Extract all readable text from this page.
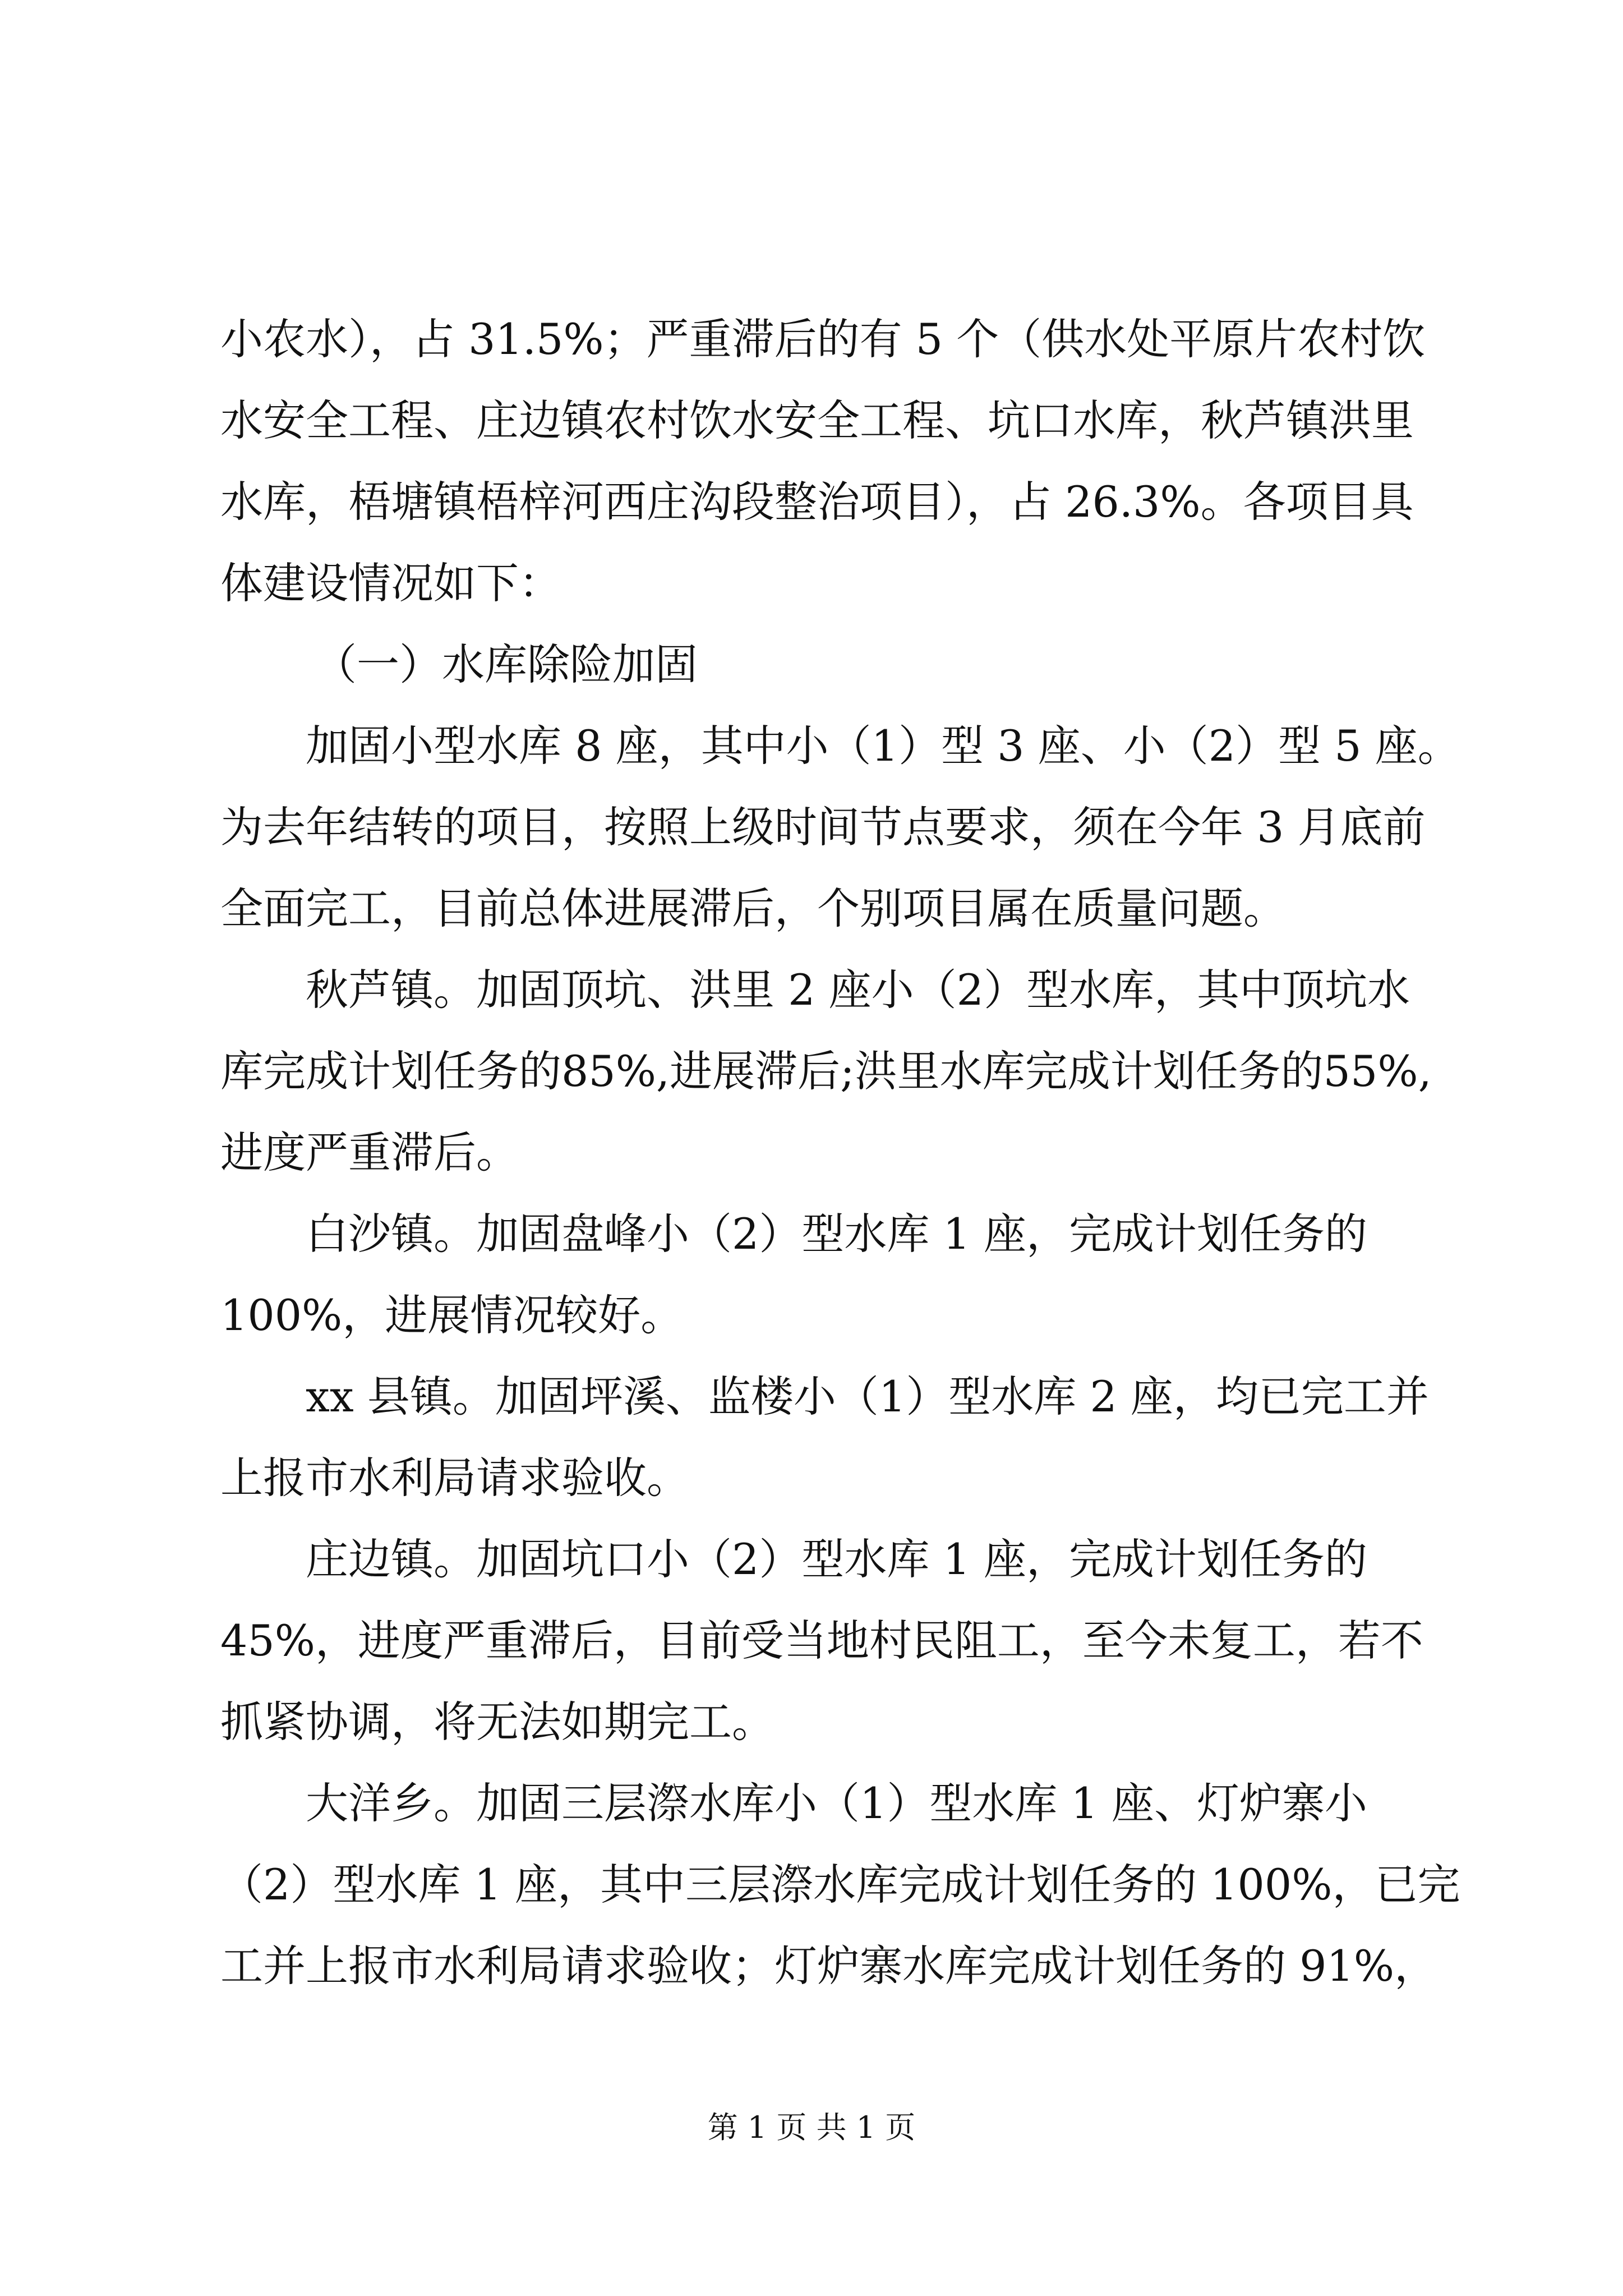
小农水），占 31.5%；严重滞后的有 5 个（供水处平原片农村饮
水安全工程、庄边镇农村饮水安全工程、坑口水库，秋芦镇洪里
水库，梧塘镇梧梓河西庄沟段整治项目），占 26.3%。各项目具
体建设情况如下：
（一）水库除险加固
加固小型水库 8 座，其中小（1）型 3 座、小（2）型 5 座。
为去年结转的项目，按照上级时间节点要求，须在今年 3 月底前
全面完工，目前总体进展滞后，个别项目属在质量问题。
秋芦镇。加固顶坑、洪里 2 座小（2）型水库，其中顶坑水
库完成计划任务的85%,进展滞后;洪里水库完成计划任务的55%,
进度严重滞后。
白沙镇。加固盘峰小（2）型水库 1 座，完成计划任务的
100%，进展情况较好。
xx 县镇。加固坪溪、监楼小（1）型水库 2 座，均已完工并
上报市水利局请求验收。
庄边镇。加固坑口小（2）型水库 1 座，完成计划任务的
45%，进度严重滞后，目前受当地村民阻工，至今未复工，若不
抓紧协调，将无法如期完工。
大洋乡。加固三层漈水库小（1）型水库 1 座、灯炉寨小
（2）型水库 1 座，其中三层漈水库完成计划任务的 100%，已完
工并上报市水利局请求验收；灯炉寨水库完成计划任务的 91%，
第 1 页 共 1 页
